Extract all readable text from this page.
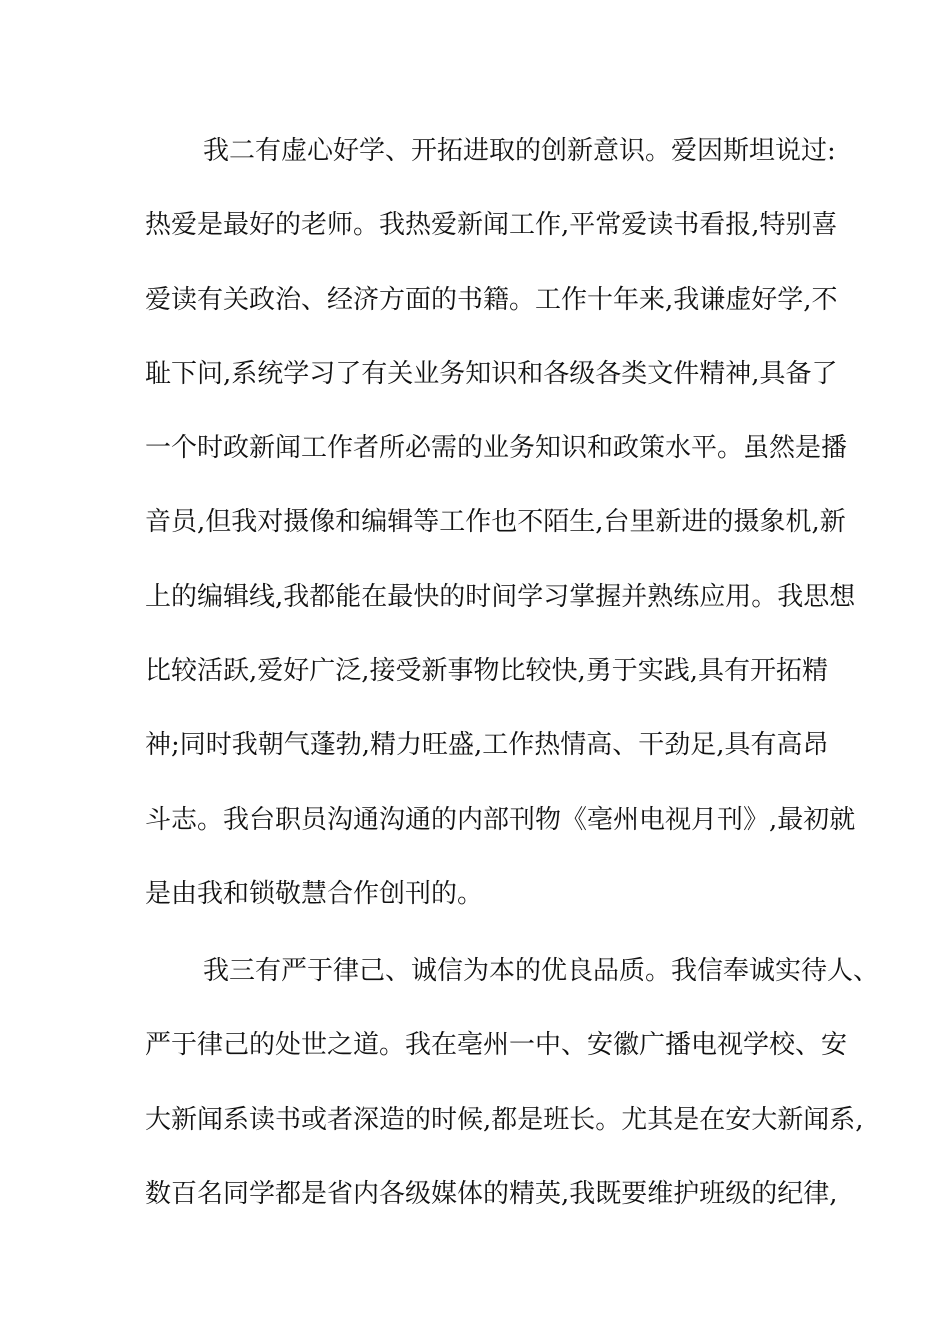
我二有虚心好学、开拓进取的创新意识。爱因斯坦说过:
热爱是最好的老师。我热爱新闻工作,平常爱读书看报,特别喜
爱读有关政治、经济方面的书籍。工作十年来,我谦虚好学,不
耻下问,系统学习了有关业务知识和各级各类文件精神,具备了
一个时政新闻工作者所必需的业务知识和政策水平。虽然是播
音员,但我对摄像和编辑等工作也不陌生,台里新进的摄象机,新
上的编辑线,我都能在最快的时间学习掌握并熟练应用。我思想
比较活跃,爱好广泛,接受新事物比较快,勇于实践,具有开拓精
神;同时我朝气蓬勃,精力旺盛,工作热情高、干劲足,具有高昂
斗志。我台职员沟通沟通的内部刊物《亳州电视月刊》,最初就
是由我和锁敬慧合作创刊的。
我三有严于律己、诚信为本的优良品质。我信奉诚实待人、
严于律己的处世之道。我在亳州一中、安徽广播电视学校、安
大新闻系读书或者深造的时候,都是班长。尤其是在安大新闻系,
数百名同学都是省内各级媒体的精英,我既要维护班级的纪律,
